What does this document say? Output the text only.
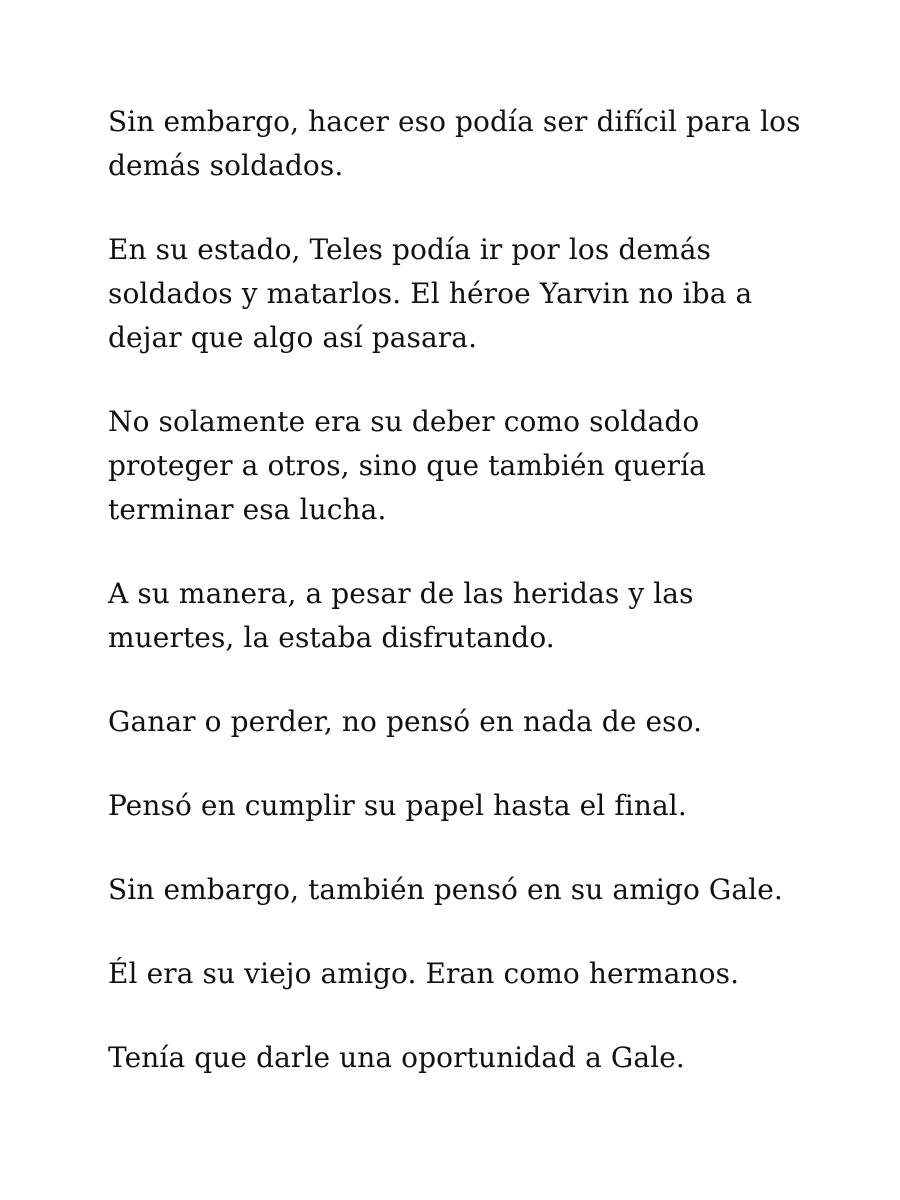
Sin embargo, hacer eso podía ser difícil para los
demás soldados.

En su estado, Teles podía ir por los demás
soldados y matarlos. El héroe Yarvin no iba a
dejar que algo así pasara.

No solamente era su deber como soldado
proteger a otros, sino que también quería
terminar esa lucha.

A su manera, a pesar de las heridas y las
muertes, la estaba disfrutando.

Ganar o perder, no pensó en nada de eso.

Pensó en cumplir su papel hasta el final.

Sin embargo, también pensó en su amigo Gale.

Él era su viejo amigo. Eran como hermanos.

Tenía que darle una oportunidad a Gale.
